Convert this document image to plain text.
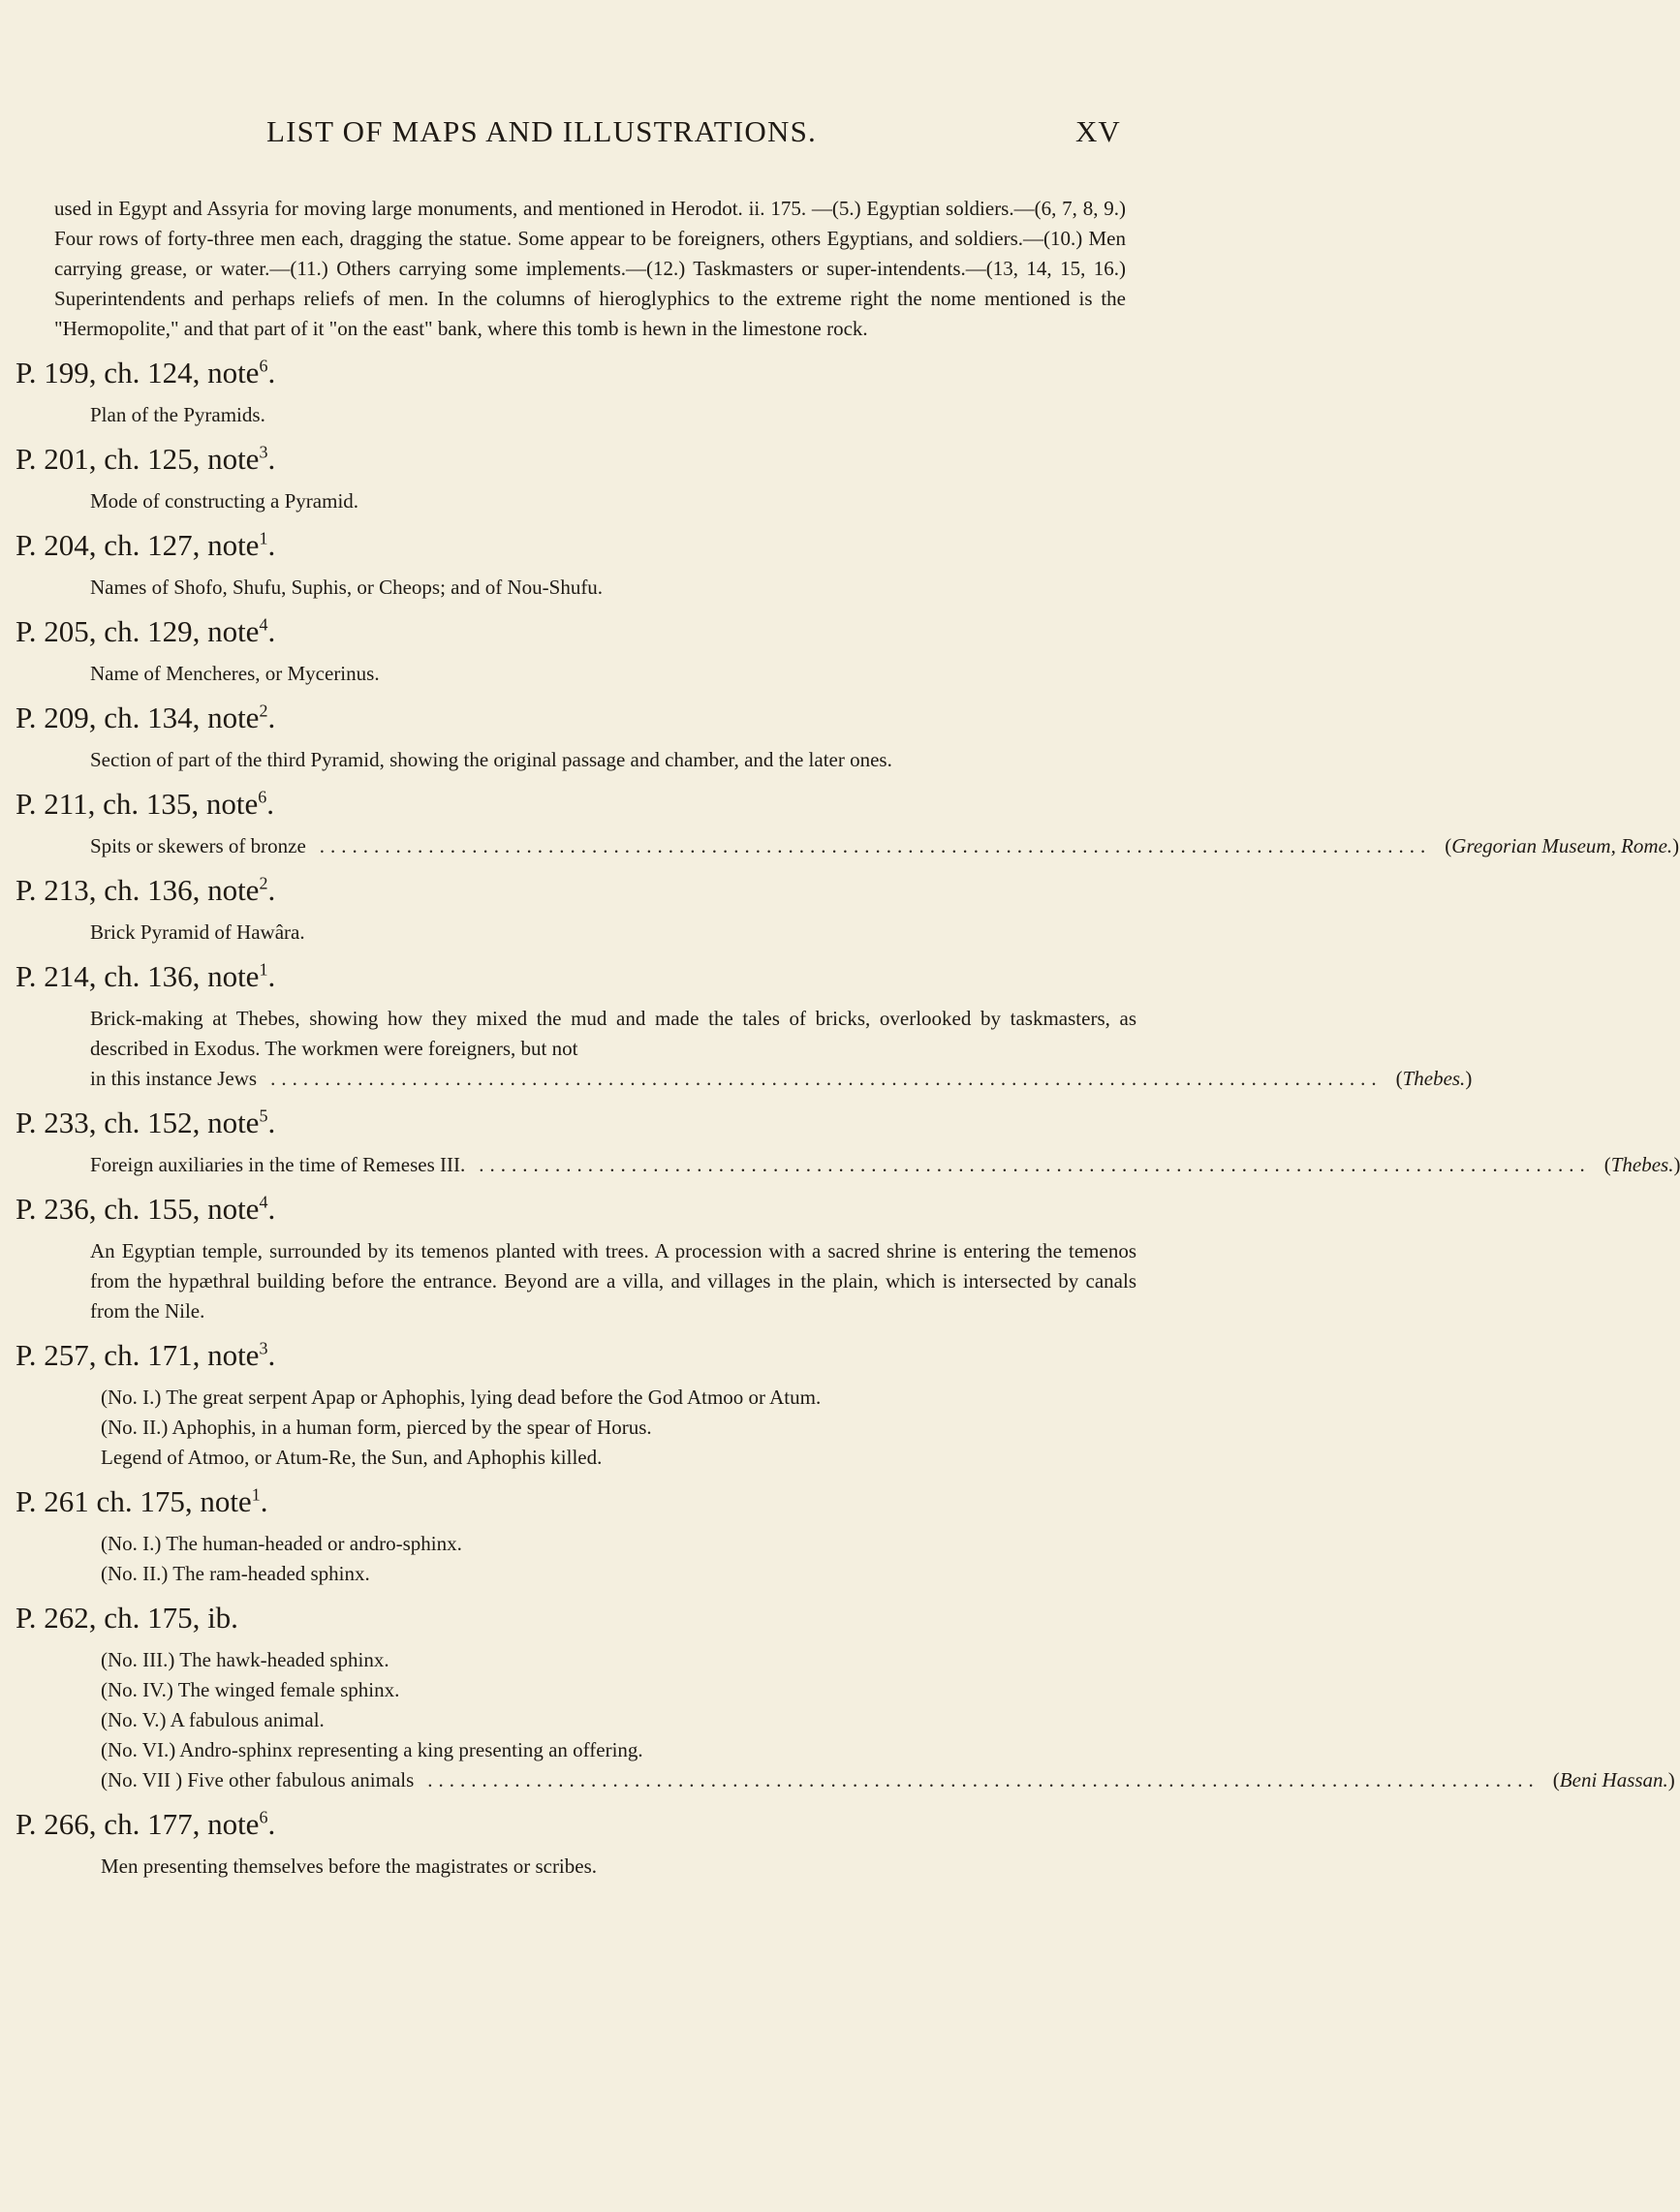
LIST OF MAPS AND ILLUSTRATIONS.	XV

used in Egypt and Assyria for moving large monuments, and mentioned in Herodot. ii. 175. —(5.) Egyptian soldiers.—(6, 7, 8, 9.) Four rows of forty-three men each, dragging the statue. Some appear to be foreigners, others Egyptians, and soldiers.—(10.) Men carrying grease, or water.—(11.) Others carrying some implements.—(12.) Taskmasters or super-intendents.—(13, 14, 15, 16.) Superintendents and perhaps reliefs of men. In the columns of hieroglyphics to the extreme right the nome mentioned is the "Hermopolite," and that part of it "on the east" bank, where this tomb is hewn in the limestone rock.

P. 199, ch. 124, note$^6$.
Plan of the Pyramids.
P. 201, ch. 125, note$^3$.
Mode of constructing a Pyramid.
P. 204, ch. 127, note$^1$.
Names of Shofo, Shufu, Suphis, or Cheops; and of Nou-Shufu.
P. 205, ch. 129, note$^4$.
Name of Mencheres, or Mycerinus.
P. 209, ch. 134, note$^2$.
Section of part of the third Pyramid, showing the original passage and chamber, and the later ones.
P. 211, ch. 135, note$^6$.
Spits or skewers of bronze ...................................................................................................... (Gregorian Museum, Rome.)
P. 213, ch. 136, note$^2$.
Brick Pyramid of Hawâra.
P. 214, ch. 136, note$^1$.
Brick-making at Thebes, showing how they mixed the mud and made the tales of bricks, overlooked by taskmasters, as described in Exodus. The workmen were foreigners, but not
in this instance Jews ...................................................................................................... (Thebes.)
P. 233, ch. 152, note$^5$.
Foreign auxiliaries in the time of Remeses III. ...................................................................................................... (Thebes.)
P. 236, ch. 155, note$^4$.
An Egyptian temple, surrounded by its temenos planted with trees. A procession with a sacred shrine is entering the temenos from the hypæthral building before the entrance. Beyond are a villa, and villages in the plain, which is intersected by canals from the Nile.
P. 257, ch. 171, note$^3$.
(No. I.) The great serpent Apap or Aphophis, lying dead before the God Atmoo or Atum.
(No. II.) Aphophis, in a human form, pierced by the spear of Horus.
Legend of Atmoo, or Atum-Re, the Sun, and Aphophis killed.
P. 261 ch. 175, note$^1$.
(No. I.) The human-headed or andro-sphinx.
(No. II.) The ram-headed sphinx.
P. 262, ch. 175, ib.
(No. III.) The hawk-headed sphinx.
(No. IV.) The winged female sphinx.
(No. V.) A fabulous animal.
(No. VI.) Andro-sphinx representing a king presenting an offering.
(No. VII ) Five other fabulous animals ...................................................................................................... (Beni Hassan.)
P. 266, ch. 177, note$^6$.
Men presenting themselves before the magistrates or scribes.
